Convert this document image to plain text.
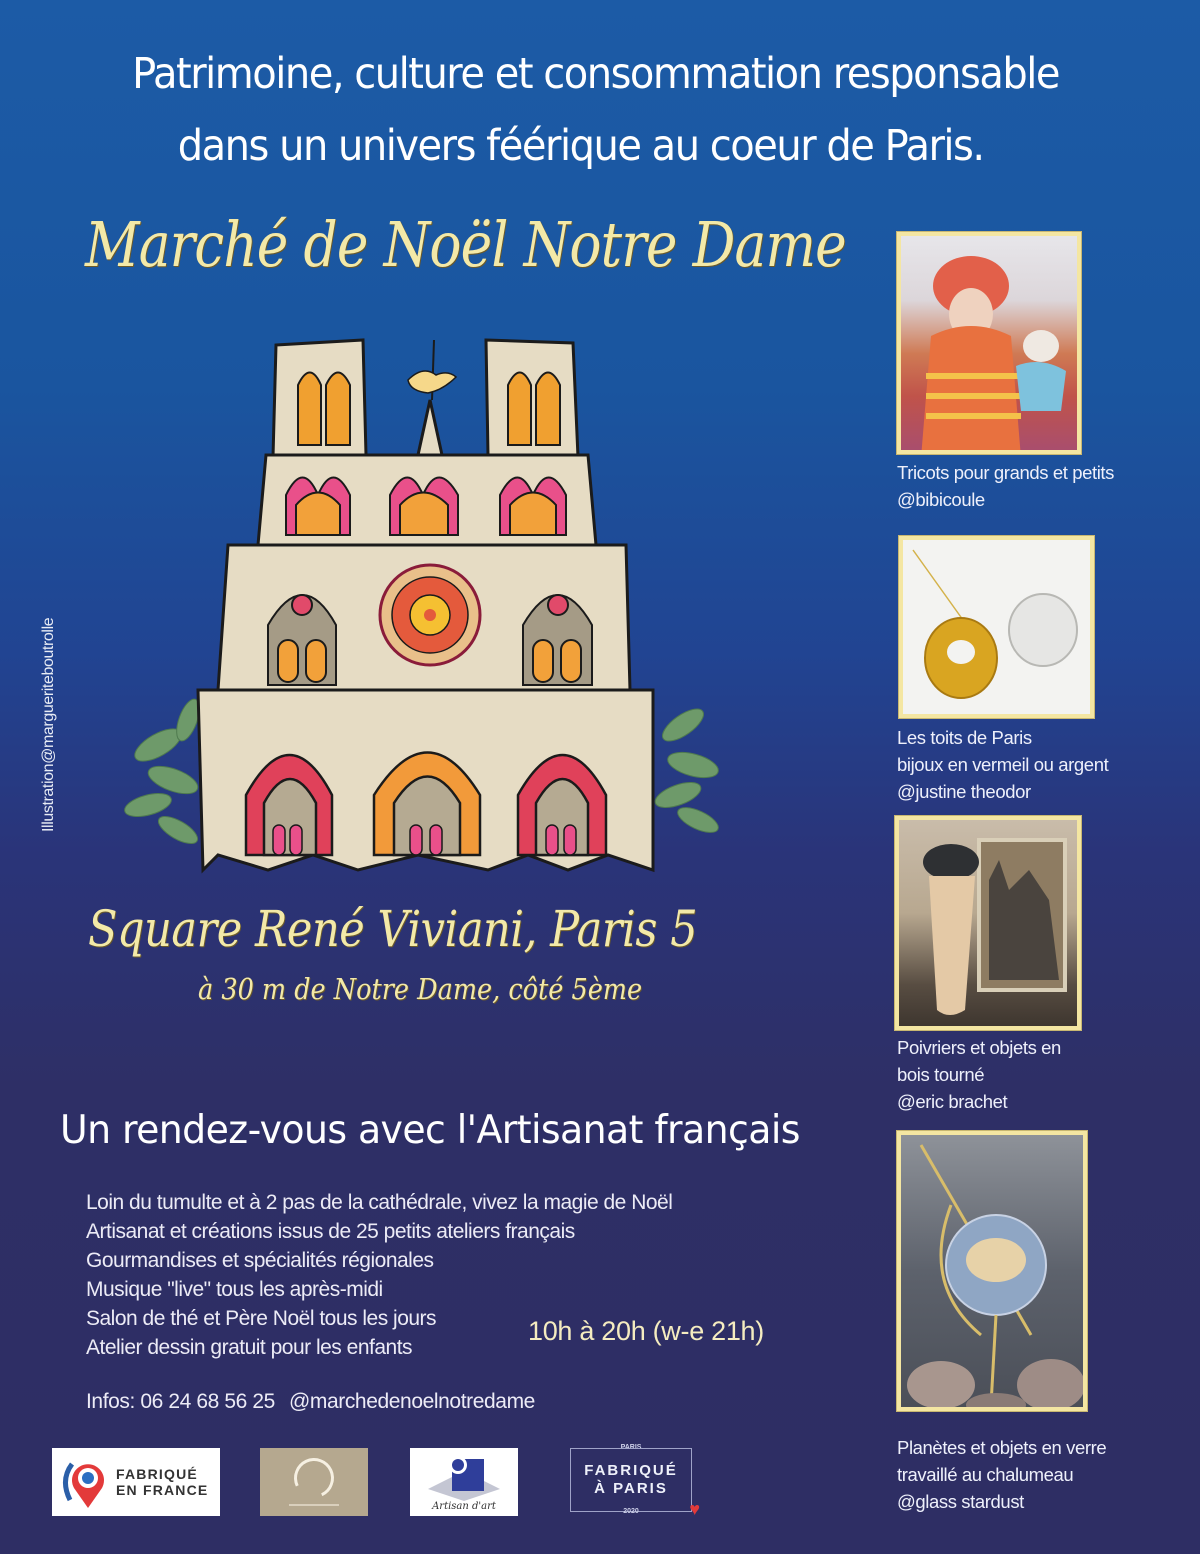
Patrimoine, culture et consommation responsable
dans un univers féérique au coeur de Paris.
Marché de Noël Notre Dame
Illustration@margueriteboutrolle
Square René Viviani, Paris 5
à 30 m de Notre Dame, côté 5ème
Un rendez-vous avec l'Artisanat français
Loin du tumulte et à 2 pas de la cathédrale, vivez la magie de Noël
Artisanat et créations issus de 25 petits ateliers français
Gourmandises et spécialités régionales
Musique "live" tous les après-midi
Salon de thé et Père Noël tous les jours
Atelier dessin gratuit pour les enfants
10h à 20h (w-e 21h)
Infos: 06 24 68 56 25 @marchedenoelnotredame
FABRIQUÉ
EN FRANCE
Artisan d'art
PARIS
FABRIQUÉ
À PARIS
2020	♥
Tricots pour grands et petits
@bibicoule
Les toits de Paris
bijoux en vermeil ou argent
@justine theodor
Poivriers et objets en
bois tourné
@eric brachet
Planètes et objets en verre
travaillé au chalumeau
@glass stardust
